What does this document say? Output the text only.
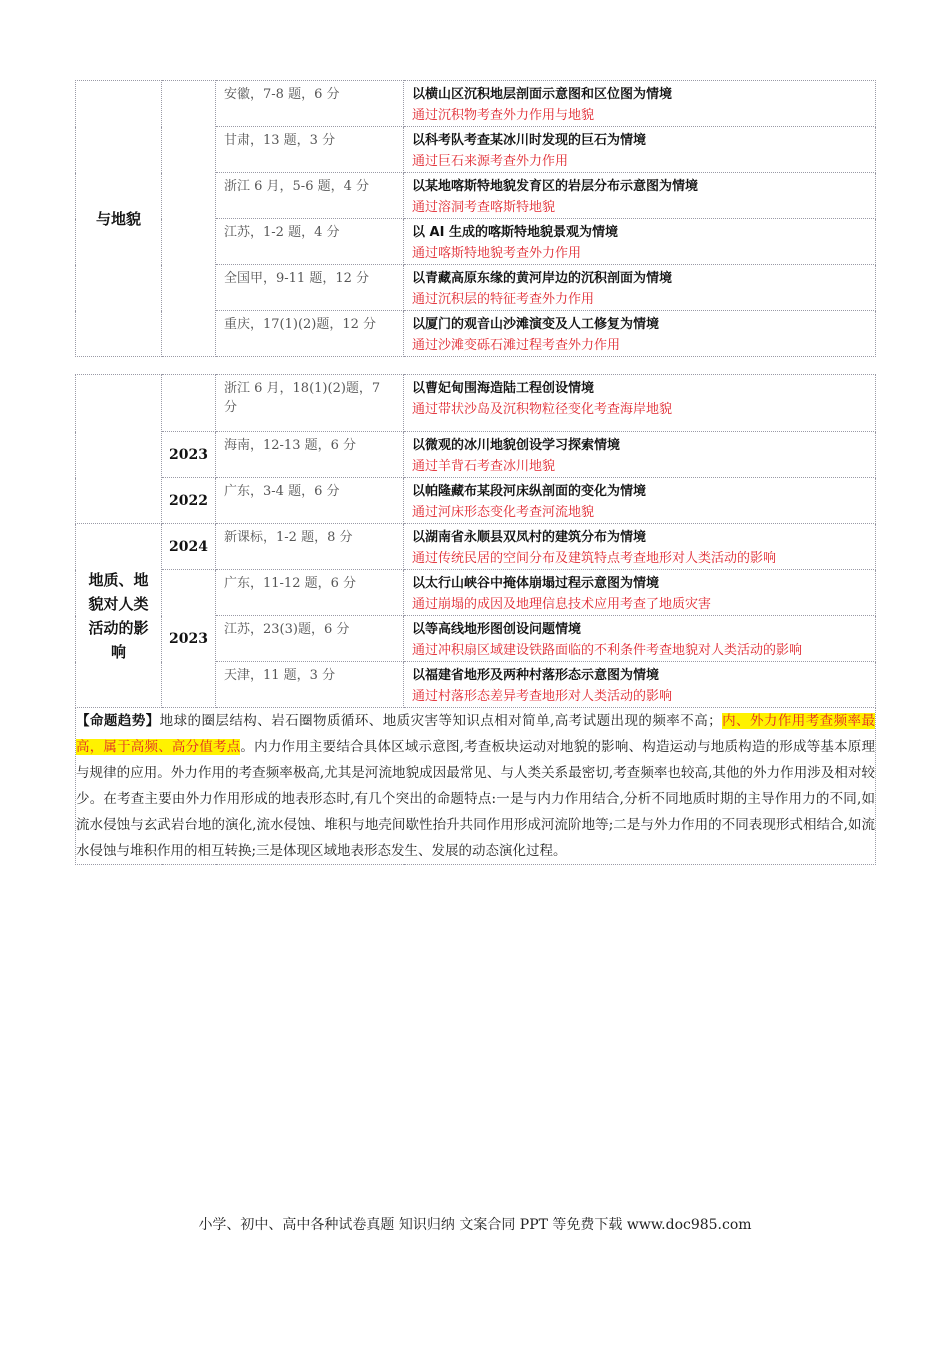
与地貌		安徽，7-8 题，6 分	以横山区沉积地层剖面示意图和区位图为情境
通过沉积物考查外力作用与地貌

		甘肃，13 题，3 分	以科考队考查某冰川时发现的巨石为情境
通过巨石来源考查外力作用

		浙江 6 月，5-6 题，4 分	以某地喀斯特地貌发育区的岩层分布示意图为情境
通过溶洞考查喀斯特地貌

		江苏，1-2 题，4 分	以 AI 生成的喀斯特地貌景观为情境
通过喀斯特地貌考查外力作用

		全国甲，9-11 题，12 分	以青藏高原东缘的黄河岸边的沉积剖面为情境
通过沉积层的特征考查外力作用

		重庆，17(1)(2)题，12 分	以厦门的观音山沙滩演变及人工修复为情境
通过沙滩变砾石滩过程考查外力作用
		浙江 6 月，18(1)(2)题，7 分	以曹妃甸围海造陆工程创设情境
通过带状沙岛及沉积物粒径变化考查海岸地貌

	2023	海南，12-13 题，6 分	以微观的冰川地貌创设学习探索情境
通过羊背石考查冰川地貌

	2022	广东，3-4 题，6 分	以帕隆藏布某段河床纵剖面的变化为情境
通过河床形态变化考查河流地貌

地质、地貌对人类活动的影响	2024	新课标，1-2 题，8 分	以湖南省永顺县双凤村的建筑分布为情境
通过传统民居的空间分布及建筑特点考查地形对人类活动的影响

	2023	广东，11-12 题，6 分	以太行山峡谷中掩体崩塌过程示意图为情境
通过崩塌的成因及地理信息技术应用考查了地质灾害

		江苏，23(3)题，6 分	以等高线地形图创设问题情境
通过冲积扇区域建设铁路面临的不利条件考查地貌对人类活动的影响

		天津，11 题，3 分	以福建省地形及两种村落形态示意图为情境
通过村落形态差异考查地形对人类活动的影响

【命题趋势】地球的圈层结构、岩石圈物质循环、地质灾害等知识点相对简单,高考试题出现的频率不高；内、外力作用考查频率最高，属于高频、高分值考点。内力作用主要结合具体区域示意图,考查板块运动对地貌的影响、构造运动与地质构造的形成等基本原理与规律的应用。外力作用的考查频率极高,尤其是河流地貌成因最常见、与人类关系最密切,考查频率也较高,其他的外力作用涉及相对较少。在考查主要由外力作用形成的地表形态时,有几个突出的命题特点:一是与内力作用结合,分析不同地质时期的主导作用力的不同,如流水侵蚀与玄武岩台地的演化,流水侵蚀、堆积与地壳间歇性抬升共同作用形成河流阶地等;二是与外力作用的不同表现形式相结合,如流水侵蚀与堆积作用的相互转换;三是体现区域地表形态发生、发展的动态演化过程。			
小学、初中、高中各种试卷真题 知识归纳 文案合同 PPT 等免费下载 www.doc985.com
